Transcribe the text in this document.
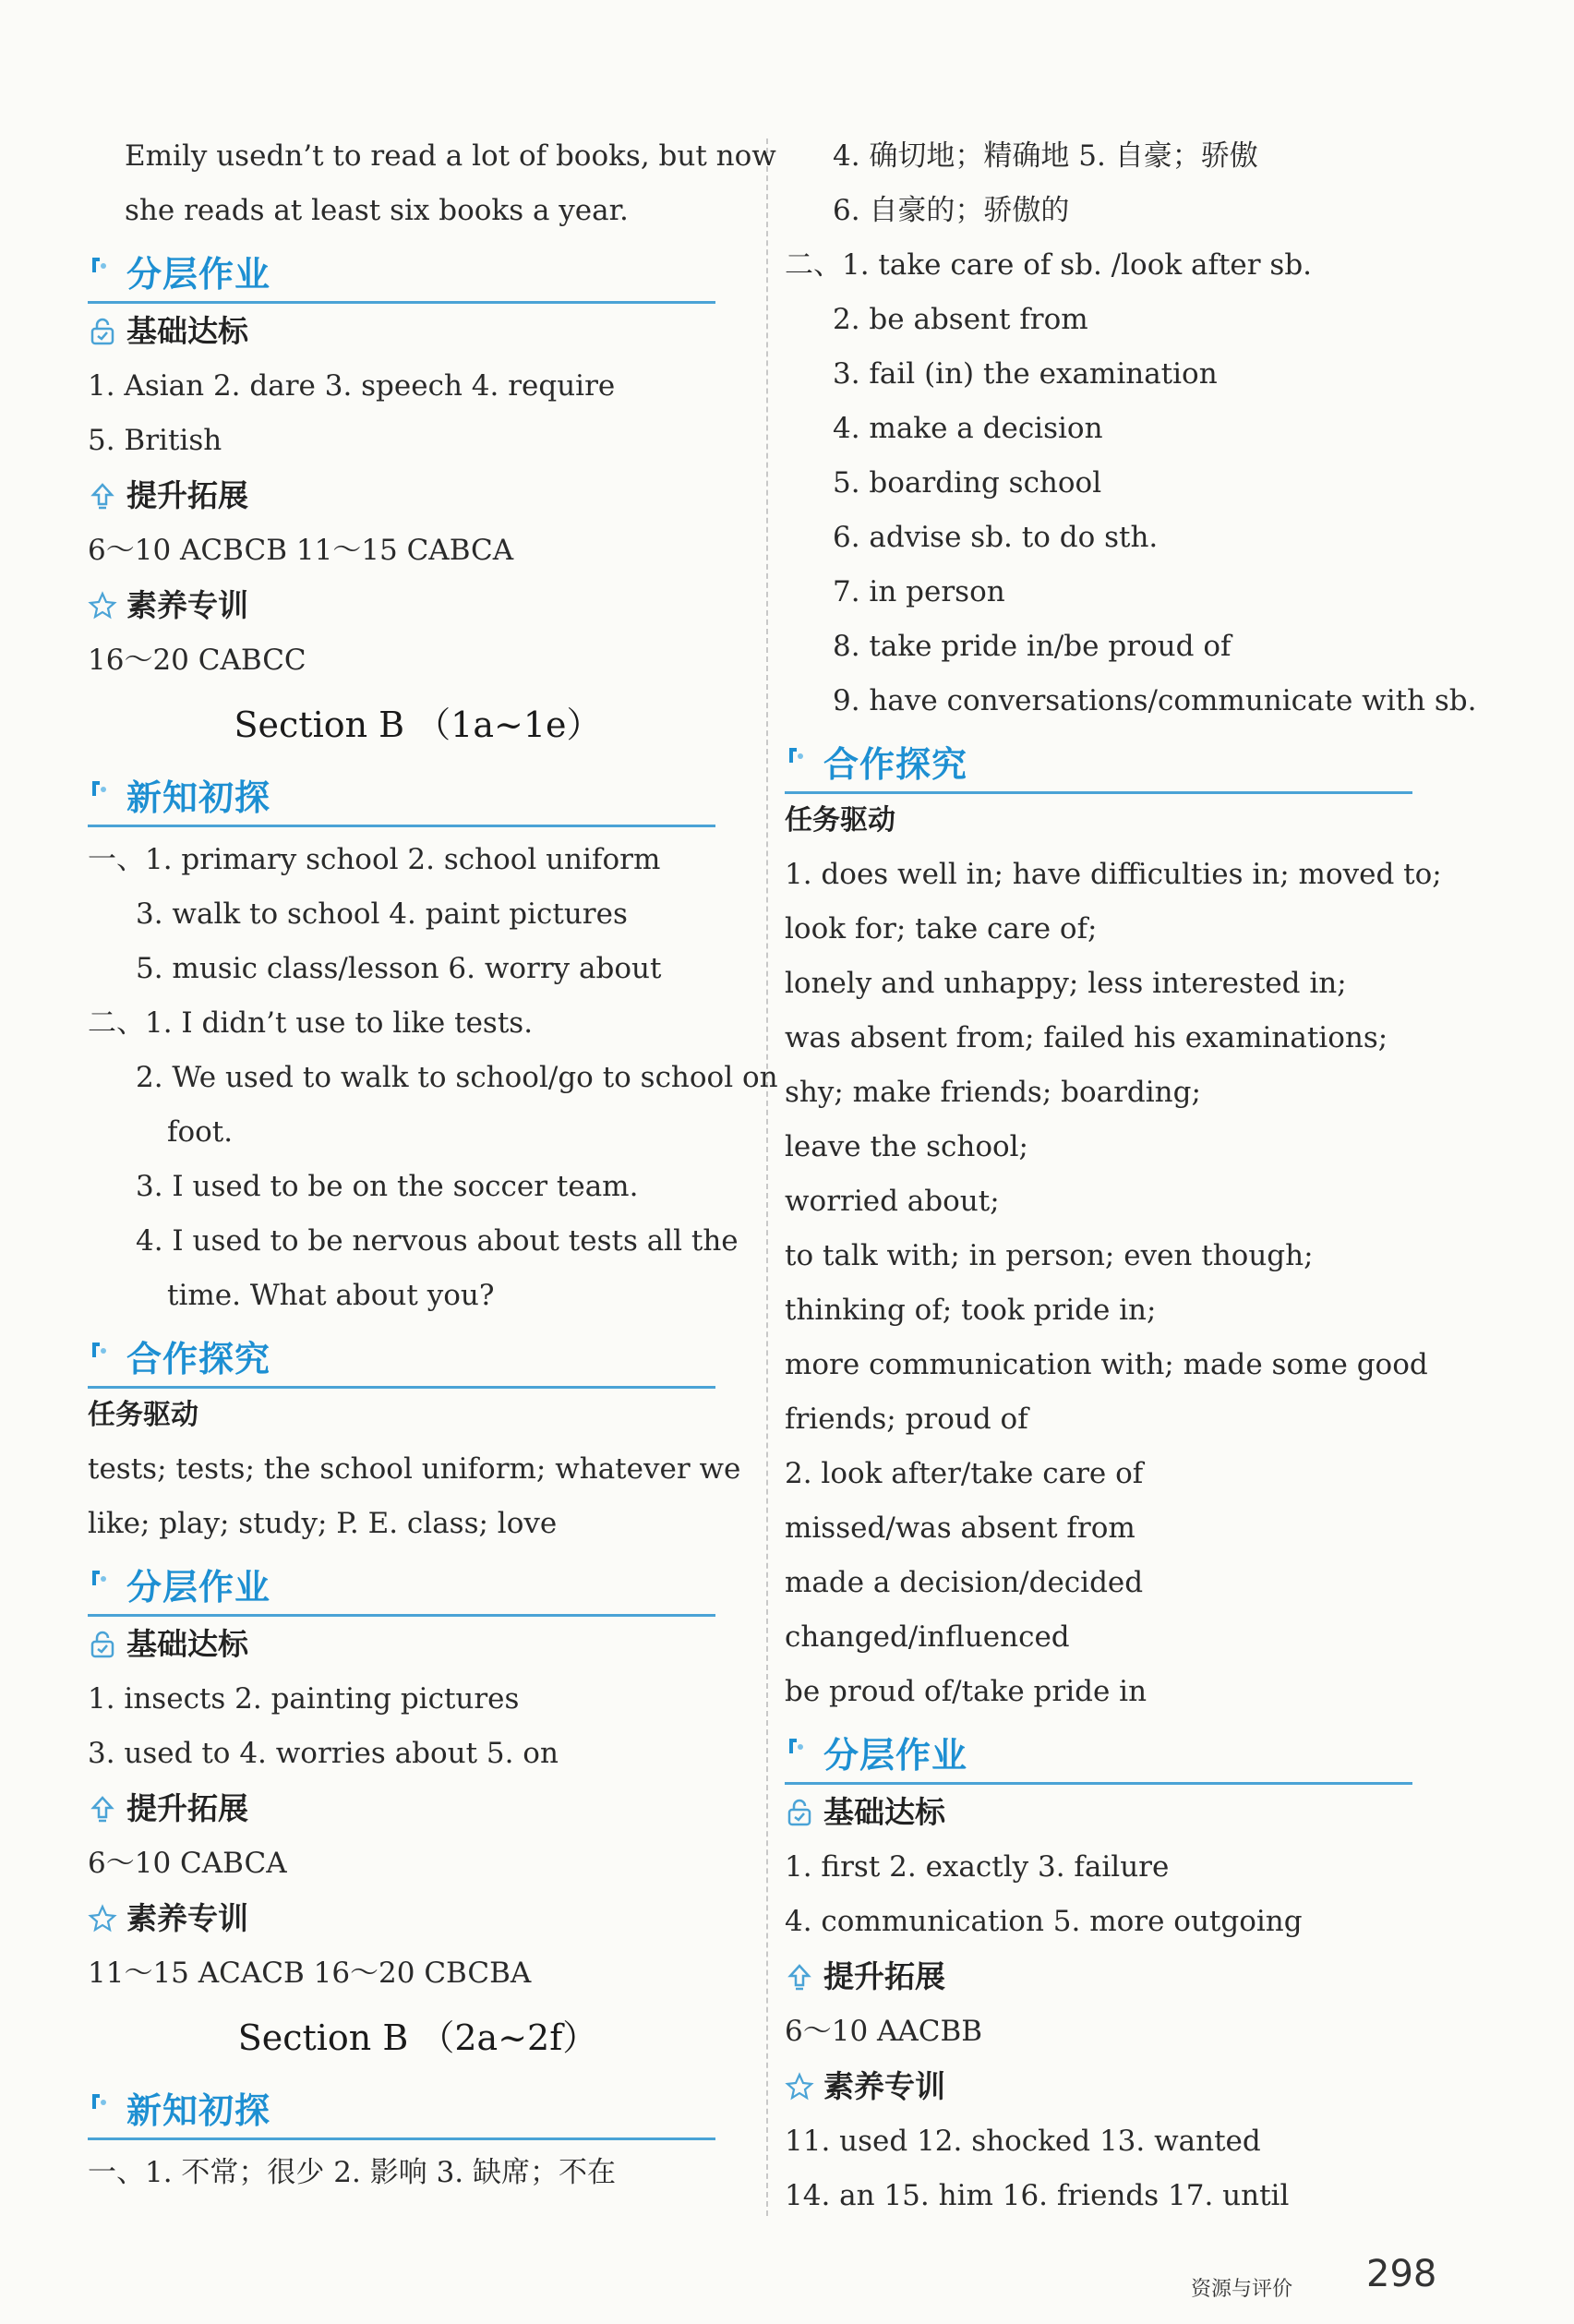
Emily usedn’t to read a lot of books, but now
she reads at least six books a year.
分层作业
基础达标
1. Asian 2. dare 3. speech 4. require
5. British
提升拓展
6～10 ACBCB 11～15 CABCA
素养专训
16～20 CABCC
Section B （1a~1e）
新知初探
一、1. primary school 2. school uniform
3. walk to school 4. paint pictures
5. music class/lesson 6. worry about
二、1. I didn’t use to like tests.
2. We used to walk to school/go to school on
foot.
3. I used to be on the soccer team.
4. I used to be nervous about tests all the
time. What about you?
合作探究
任务驱动
tests; tests; the school uniform; whatever we
like; play; study; P. E. class; love
分层作业
基础达标
1. insects 2. painting pictures
3. used to 4. worries about 5. on
提升拓展
6～10 CABCA
素养专训
11～15 ACACB 16～20 CBCBA
Section B （2a~2f）
新知初探
一、1. 不常；很少 2. 影响 3. 缺席；不在
4. 确切地；精确地 5. 自豪；骄傲
6. 自豪的；骄傲的
二、1. take care of sb. /look after sb.
2. be absent from
3. fail (in) the examination
4. make a decision
5. boarding school
6. advise sb. to do sth.
7. in person
8. take pride in/be proud of
9. have conversations/communicate with sb.
合作探究
任务驱动
1. does well in; have difficulties in; moved to;
look for; take care of;
lonely and unhappy; less interested in;
was absent from; failed his examinations;
shy; make friends; boarding;
leave the school;
worried about;
to talk with; in person; even though;
thinking of; took pride in;
more communication with; made some good
friends; proud of
2. look after/take care of
missed/was absent from
made a decision/decided
changed/influenced
be proud of/take pride in
分层作业
基础达标
1. first 2. exactly 3. failure
4. communication 5. more outgoing
提升拓展
6～10 AACBB
素养专训
11. used 12. shocked 13. wanted
14. an 15. him 16. friends 17. until
资源与评价 298
